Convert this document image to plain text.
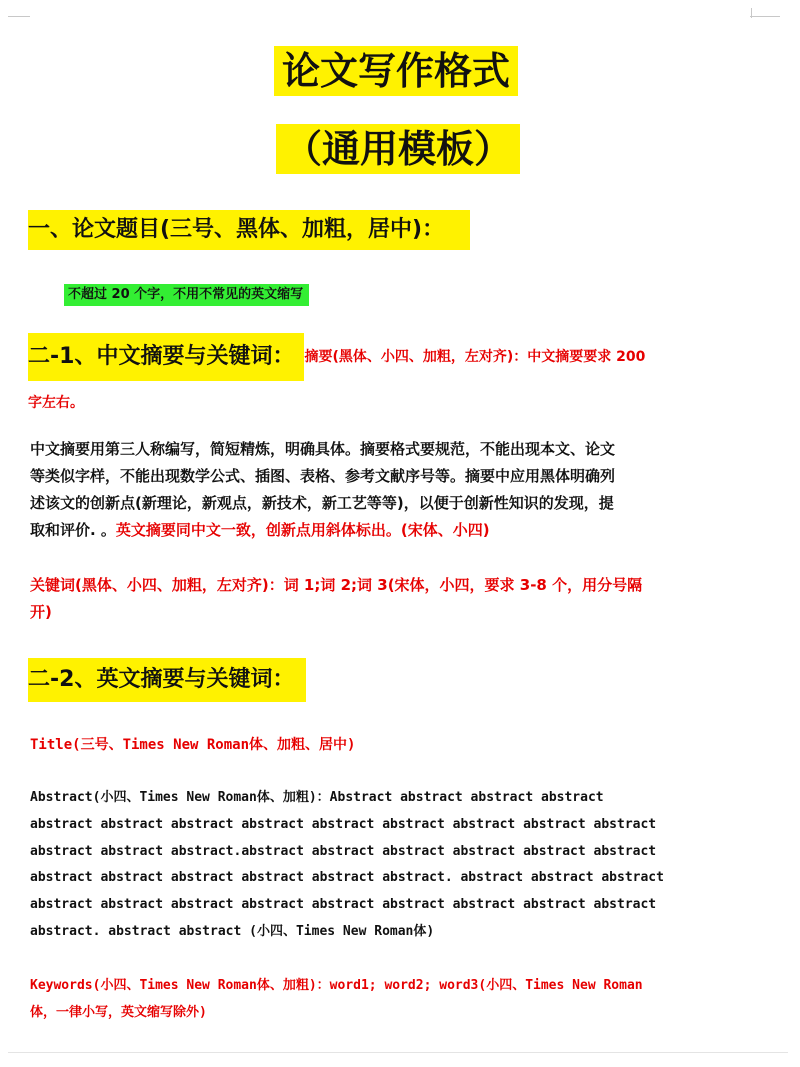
论文写作格式
（通用模板）
一、论文题目(三号、黑体、加粗，居中)：
不超过 20 个字，不用不常见的英文缩写
二-1、中文摘要与关键词： 摘要(黑体、小四、加粗，左对齐)：中文摘要要求 200
字左右。
中文摘要用第三人称编写，简短精炼，明确具体。摘要格式要规范，不能出现本文、论文
等类似字样，不能出现数学公式、插图、表格、参考文献序号等。摘要中应用黑体明确列
述该文的创新点(新理论，新观点，新技术，新工艺等等)，以便于创新性知识的发现，提
取和评价. 。英文摘要同中文一致，创新点用斜体标出。(宋体、小四)
关键词(黑体、小四、加粗，左对齐)：词 1;词 2;词 3(宋体，小四，要求 3-8 个，用分号隔
开)
二-2、英文摘要与关键词：
Title(三号、Times New Roman体、加粗、居中)
Abstract(小四、Times New Roman体、加粗)：Abstract abstract abstract abstract
abstract abstract abstract abstract abstract abstract abstract abstract abstract
abstract abstract abstract.abstract abstract abstract abstract abstract abstract
abstract abstract abstract abstract abstract abstract. abstract abstract abstract
abstract abstract abstract abstract abstract abstract abstract abstract abstract
abstract. abstract abstract (小四、Times New Roman体)
Keywords(小四、Times New Roman体、加粗)：word1; word2; word3(小四、Times New Roman
体，一律小写，英文缩写除外)
